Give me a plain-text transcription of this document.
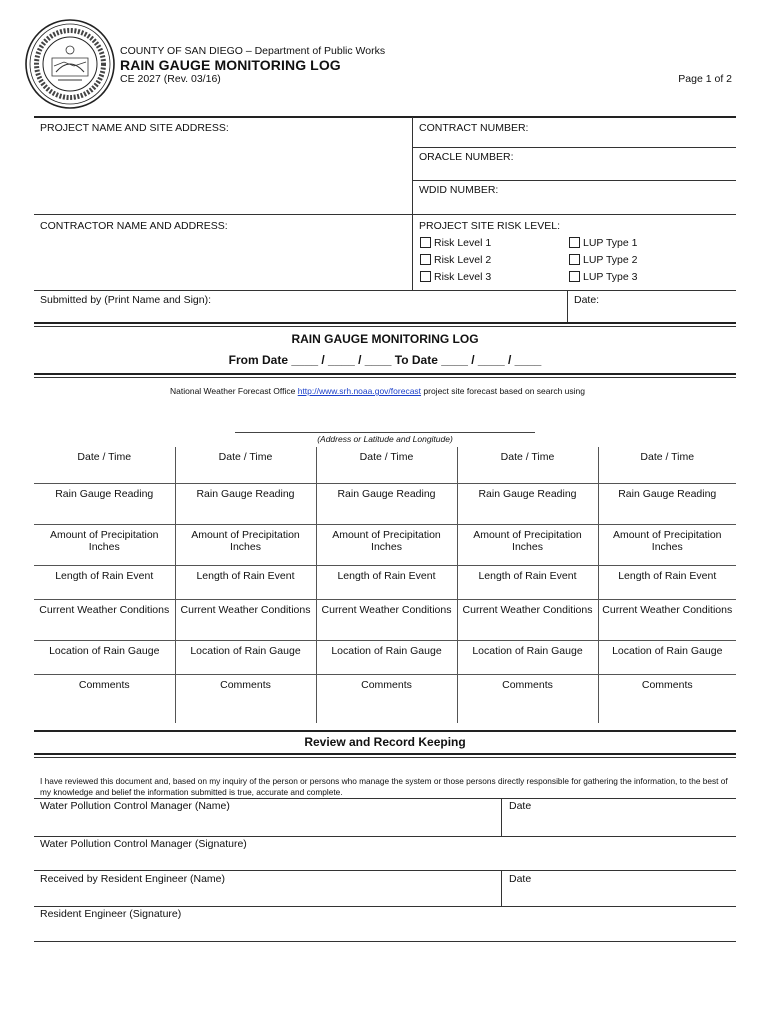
COUNTY OF SAN DIEGO – Department of Public Works
RAIN GAUGE MONITORING LOG
CE 2027 (Rev. 03/16)	Page 1 of 2
PROJECT NAME AND SITE ADDRESS:	CONTRACT NUMBER:
ORACLE NUMBER:
WDID NUMBER:
CONTRACTOR NAME AND ADDRESS:	PROJECT SITE RISK LEVEL:
Risk Level 1
Risk Level 2
Risk Level 3
LUP Type 1
LUP Type 2
LUP Type 3
Submitted by (Print Name and Sign):	Date:
RAIN GAUGE MONITORING LOG
From Date ____ / ____ / ____ To Date ____ / ____ / ____
National Weather Forecast Office http://www.srh.noaa.gov/forecast project site forecast based on search using
(Address or Latitude and Longitude)
Date / Time	Date / Time	Date / Time	Date / Time	Date / Time
Rain Gauge Reading	Rain Gauge Reading	Rain Gauge Reading	Rain Gauge Reading	Rain Gauge Reading
Amount of Precipitation Inches	Amount of Precipitation Inches	Amount of Precipitation Inches	Amount of Precipitation Inches	Amount of Precipitation Inches
Length of Rain Event	Length of Rain Event	Length of Rain Event	Length of Rain Event	Length of Rain Event
Current Weather Conditions	Current Weather Conditions	Current Weather Conditions	Current Weather Conditions	Current Weather Conditions
Location of Rain Gauge	Location of Rain Gauge	Location of Rain Gauge	Location of Rain Gauge	Location of Rain Gauge
Comments	Comments	Comments	Comments	Comments
Review and Record Keeping
I have reviewed this document and, based on my inquiry of the person or persons who manage the system or those persons directly responsible for gathering the information, to the best of my knowledge and belief the information submitted is true, accurate and complete.
Water Pollution Control Manager (Name)	Date
Water Pollution Control Manager (Signature)
Received by Resident Engineer (Name)	Date
Resident Engineer (Signature)
